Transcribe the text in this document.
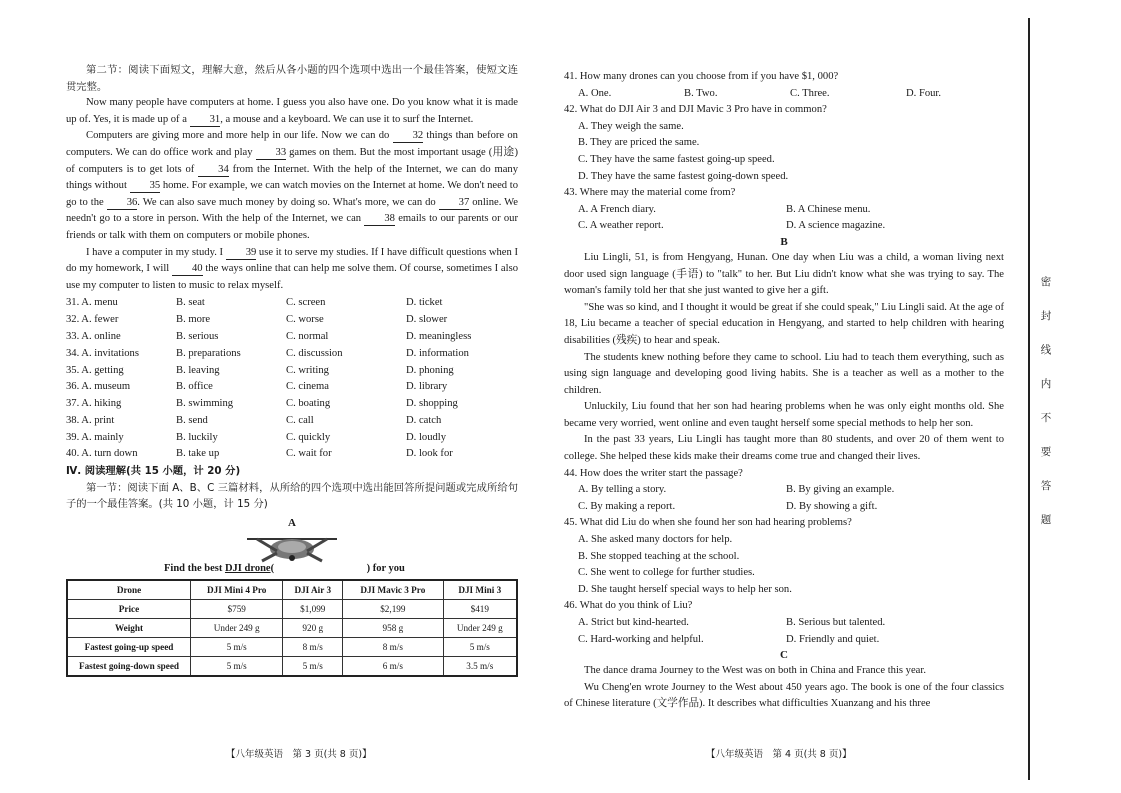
第二节：阅读下面短文，理解大意，然后从各小题的四个选项中选出一个最佳答案，使短文连贯完整。

Now many people have computers at home. I guess you also have one. Do you know what it is made up of. Yes, it is made up of a 31, a mouse and a keyboard. We can use it to surf the Internet.

Computers are giving more and more help in our life. Now we can do 32 things than before on computers. We can do office work and play 33 games on them. But the most important usage (用途) of computers is to get lots of 34 from the Internet. With the help of the Internet, we can do many things without 35 home. For example, we can watch movies on the Internet at home. We don't need to go to the 36. We can also save much money by doing so. What's more, we can do 37 online. We needn't go to a store in person. With the help of the Internet, we can 38 emails to our parents or our friends or talk with them on computers or mobile phones.

I have a computer in my study. I 39 use it to serve my studies. If I have difficult questions when I do my homework, I will 40 the ways online that can help me solve them. Of course, sometimes I also use my computer to listen to music to relax myself.

31. A. menu	B. seat	C. screen	D. ticket
32. A. fewer	B. more	C. worse	D. slower
33. A. online	B. serious	C. normal	D. meaningless
34. A. invitations	B. preparations	C. discussion	D. information
35. A. getting	B. leaving	C. writing	D. phoning
36. A. museum	B. office	C. cinema	D. library
37. A. hiking	B. swimming	C. boating	D. shopping
38. A. print	B. send	C. call	D. catch
39. A. mainly	B. luckily	C. quickly	D. loudly
40. A. turn down	B. take up	C. wait for	D. look for

Ⅳ. 阅读理解(共 15 小题，计 20 分)

第一节：阅读下面 A、B、C 三篇材料，从所给的四个选项中选出能回答所提问题或完成所给句子的一个最佳答案。(共 10 小题，计 15 分)

A
Find the best DJI drone(	) for you
Drone	DJI Mini 4 Pro	DJI Air 3	DJI Mavic 3 Pro	DJI Mini 3
Price	$759	$1,099	$2,199	$419
Weight	Under 249 g	920 g	958 g	Under 249 g
Fastest going-up speed	5 m/s	8 m/s	8 m/s	5 m/s
Fastest going-down speed	5 m/s	5 m/s	6 m/s	3.5 m/s
【八年级英语　第 3 页(共 8 页)】
41. How many drones can you choose from if you have $1, 000?
A. One.	B. Two.	C. Three.	D. Four.
42. What do DJI Air 3 and DJI Mavic 3 Pro have in common?
A. They weigh the same.
B. They are priced the same.
C. They have the same fastest going-up speed.
D. They have the same fastest going-down speed.
43. Where may the material come from?
A. A French diary.	B. A Chinese menu.
C. A weather report.	D. A science magazine.
B

Liu Lingli, 51, is from Hengyang, Hunan. One day when Liu was a child, a woman living next door used sign language (手语) to "talk" to her. But Liu didn't know what she was trying to say. The woman's family told her that she just wanted to give her a gift.

"She was so kind, and I thought it would be great if she could speak," Liu Lingli said. At the age of 18, Liu became a teacher of special education in Hengyang, and started to help children with hearing disabilities (残疾) to hear and speak.

The students knew nothing before they came to school. Liu had to teach them everything, such as using sign language and developing good living habits. She is a teacher as well as a mother to the children.

Unluckily, Liu found that her son had hearing problems when he was only eight months old. She became very worried, went online and even taught herself some special methods to help her son.

In the past 33 years, Liu Lingli has taught more than 80 students, and over 20 of them went to college. She helped these kids make their dreams come true and changed their lives.

44. How does the writer start the passage?
A. By telling a story.	B. By giving an example.
C. By making a report.	D. By showing a gift.
45. What did Liu do when she found her son had hearing problems?
A. She asked many doctors for help.
B. She stopped teaching at the school.
C. She went to college for further studies.
D. She taught herself special ways to help her son.
46. What do you think of Liu?
A. Strict but kind-hearted.	B. Serious but talented.
C. Hard-working and helpful.	D. Friendly and quiet.
C

The dance drama Journey to the West was on both in China and France this year.

Wu Cheng'en wrote Journey to the West about 450 years ago. The book is one of the four classics of Chinese literature (文学作品). It describes what difficulties Xuanzang and his three

【八年级英语　第 4 页(共 8 页)】
密
封
线
内
不
要
答
题
